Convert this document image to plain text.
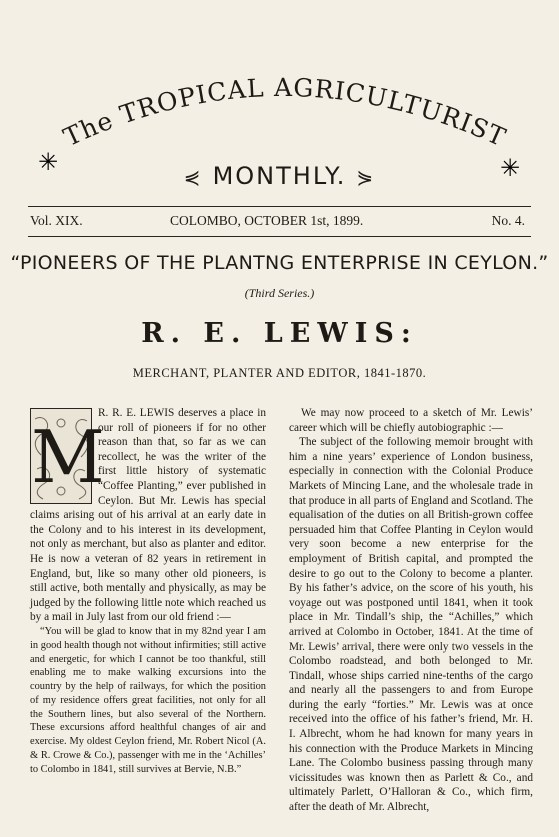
The TROPICAL AGRICULTURIST
✳	✳
⋞ MONTHLY. ⋟
Vol. XIX.	COLOMBO, OCTOBER 1st, 1899.	No. 4.
“PIONEERS OF THE PLANTNG ENTERPRISE IN CEYLON.”
(Third Series.)
R. E. LEWIS:
MERCHANT, PLANTER AND EDITOR, 1841-1870.
M

R. R. E. LEWIS deserves a place in our roll of pioneers if for no other reason than that, so far as we can recollect, he was the writer of the first little history of systematic “Coffee Planting,” ever published in Ceylon. But Mr. Lewis has special claims arising out of his arrival at an early date in the Colony and to his interest in its development, not only as merchant, but also as planter and editor. He is now a veteran of 82 years in retirement in England, but, like so many other old pioneers, is still active, both mentally and physically, as may be judged by the following little note which reached us by a mail in July last from our old friend :—

“You will be glad to know that in my 82nd year I am in good health though not without infirmities; still active and energetic, for which I cannot be too thankful, still enabling me to make walking excursions into the country by the help of railways, for which the position of my residence offers great facilities, not only for all the Southern lines, but also several of the Northern. These excursions afford healthful changes of air and exercise. My oldest Ceylon friend, Mr. Robert Nicol (A. & R. Crowe & Co.), passenger with me in the ‘Achilles’ to Colombo in 1841, still survives at Bervie, N.B.”

We may now proceed to a sketch of Mr. Lewis’ career which will be chiefly autobiographic :—

The subject of the following memoir brought with him a nine years’ experience of London business, especially in connection with the Colonial Produce Markets of Mincing Lane, and the wholesale trade in that produce in all parts of England and Scotland. The equalisation of the duties on all British-grown coffee persuaded him that Coffee Planting in Ceylon would very soon become a new enterprise for the employment of British capital, and prompted the desire to go out to the Colony to become a planter. By his father’s advice, on the score of his youth, his voyage out was postponed until 1841, when it took place in Mr. Tindall’s ship, the “Achilles,” which arrived at Colombo in October, 1841. At the time of Mr. Lewis’ arrival, there were only two vessels in the Colombo roadstead, and both belonged to Mr. Tindall, whose ships carried nine-tenths of the cargo and nearly all the passengers to and from Europe during the early “forties.” Mr. Lewis was at once received into the office of his father’s friend, Mr. H. I. Albrecht, whom he had known for many years in his connection with the Produce Markets in Mincing Lane. The Colombo business passing through many vicissitudes was known then as Parlett & Co., and ultimately Parlett, O’Halloran & Co., which firm, after the death of Mr. Albrecht,
